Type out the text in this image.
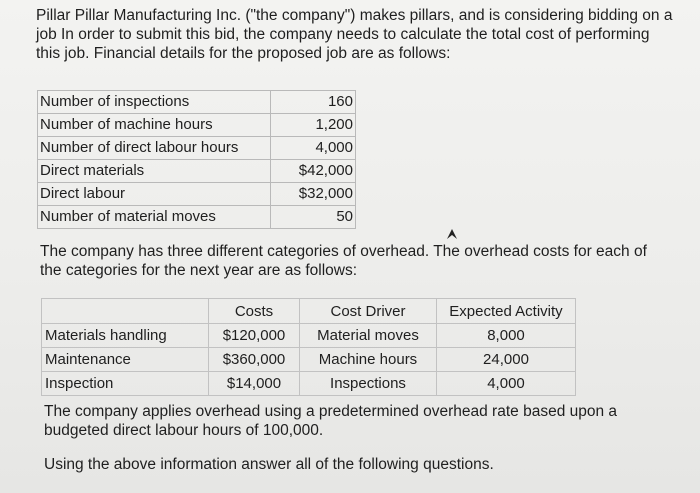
Pillar Pillar Manufacturing Inc. ("the company") makes pillars, and is considering bidding on a job In order to submit this bid, the company needs to calculate the total cost of performing this job. Financial details for the proposed job are as follows:

Number of inspections	160
Number of machine hours	1,200
Number of direct labour hours	4,000
Direct materials	$42,000
Direct labour	$32,000
Number of material moves	50

The company has three different categories of overhead. The overhead costs for each of the categories for the next year are as follows:

	Costs	Cost Driver	Expected Activity
Materials handling	$120,000	Material moves	8,000
Maintenance	$360,000	Machine hours	24,000
Inspection	$14,000	Inspections	4,000

The company applies overhead using a predetermined overhead rate based upon a budgeted direct labour hours of 100,000.

Using the above information answer all of the following questions.
